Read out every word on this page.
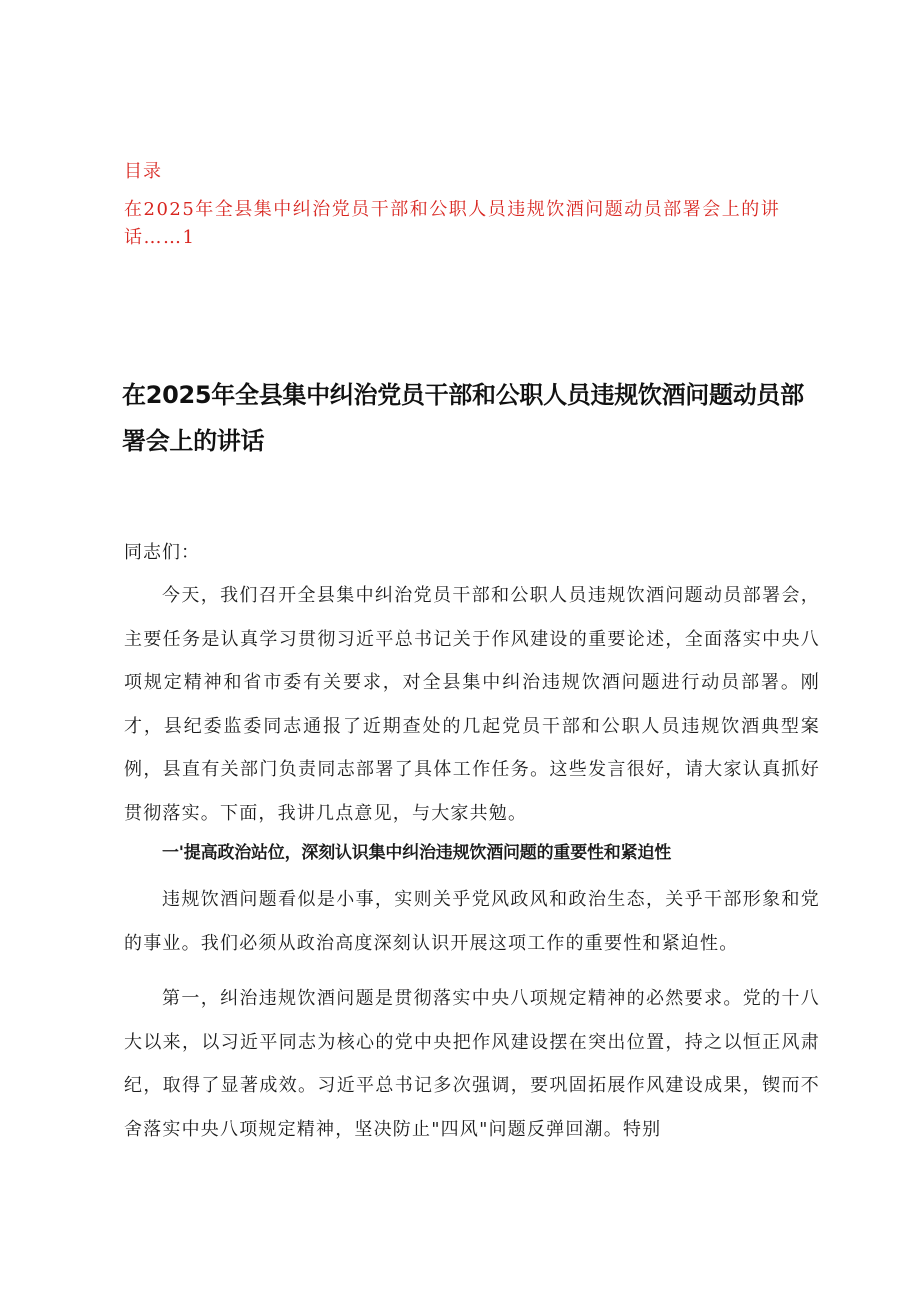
目录
在2025年全县集中纠治党员干部和公职人员违规饮酒问题动员部署会上的讲话……1
在2025年全县集中纠治党员干部和公职人员违规饮酒问题动员部署会上的讲话
同志们：

今天，我们召开全县集中纠治党员干部和公职人员违规饮酒问题动员部署会，主要任务是认真学习贯彻习近平总书记关于作风建设的重要论述，全面落实中央八项规定精神和省市委有关要求，对全县集中纠治违规饮酒问题进行动员部署。刚才，县纪委监委同志通报了近期查处的几起党员干部和公职人员违规饮酒典型案例，县直有关部门负责同志部署了具体工作任务。这些发言很好，请大家认真抓好贯彻落实。下面，我讲几点意见，与大家共勉。

一'提高政治站位，深刻认识集中纠治违规饮酒问题的重要性和紧迫性

违规饮酒问题看似是小事，实则关乎党风政风和政治生态，关乎干部形象和党的事业。我们必须从政治高度深刻认识开展这项工作的重要性和紧迫性。

第一，纠治违规饮酒问题是贯彻落实中央八项规定精神的必然要求。党的十八大以来，以习近平同志为核心的党中央把作风建设摆在突出位置，持之以恒正风肃纪，取得了显著成效。习近平总书记多次强调，要巩固拓展作风建设成果，锲而不舍落实中央八项规定精神，坚决防止"四风"问题反弹回潮。特别
